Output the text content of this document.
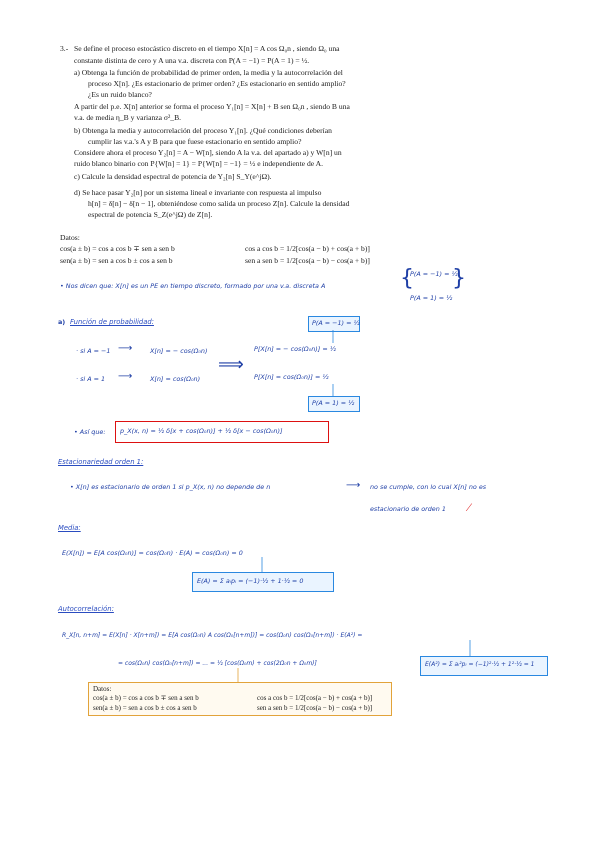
3.- Se define el proceso estocástico discreto en el tiempo X[n] = A cos Ω₀n , siendo Ω₀ una
constante distinta de cero y A una v.a. discreta con P(A = −1) = P(A = 1) = ½.
a) Obtenga la función de probabilidad de primer orden, la media y la autocorrelación del
proceso X[n]. ¿Es estacionario de primer orden? ¿Es estacionario en sentido amplio?
¿Es un ruido blanco?
A partir del p.e. X[n] anterior se forma el proceso Y₁[n] = X[n] + B sen Ω₀n , siendo B una
v.a. de media η_B y varianza σ²_B.
b) Obtenga la media y autocorrelación del proceso Y₁[n]. ¿Qué condiciones deberían
cumplir las v.a.'s A y B para que fuese estacionario en sentido amplio?
Considere ahora el proceso Y₂[n] = A − W[n], siendo A la v.a. del apartado a) y W[n] un
ruido blanco binario con P{W[n] = 1} = P{W[n] = −1} = ½ e independiente de A.
c) Calcule la densidad espectral de potencia de Y₂[n] S_Y(e^jΩ).
d) Se hace pasar Y₂[n] por un sistema lineal e invariante con respuesta al impulso
h[n] = δ[n] − δ[n − 1], obteniéndose como salida un proceso Z[n]. Calcule la densidad
espectral de potencia S_Z(e^jΩ) de Z[n].
Datos:
cos(a ± b) = cos a cos b ∓ sen a sen b	cos a cos b = 1/2[cos(a − b) + cos(a + b)]
sen(a ± b) = sen a cos b ± cos a sen b	sen a sen b = 1/2[cos(a − b) − cos(a + b)]
• Nos dicen que: X[n] es un PE en tiempo discreto, formado por una v.a. discreta A	{
P(A = −1) = ½
P(A = 1) = ½
}
a) Función de probabilidad:	P(A = −1) = ½
· si A = −1 ⟶	X[n] = − cos(Ω₀n)
· si A = 1 ⟶	X[n] = cos(Ω₀n)
⟹
P[X[n] = − cos(Ω₀n)] = ½
P[X[n] = cos(Ω₀n)] = ½
P(A = 1) = ½
• Así que: p_X(x, n) = ½ δ[x + cos(Ω₀n)] + ½ δ[x − cos(Ω₀n)]
Estacionariedad orden 1:
• X[n] es estacionario de orden 1 si p_X(x, n) no depende de n	⟶ no se cumple, con lo cual X[n] no es
estacionario de orden 1 ⁄
Media:
E(X[n]) = E[A cos(Ω₀n)] = cos(Ω₀n) · E(A) = cos(Ω₀n) = 0
E(A) = Σ aᵢpᵢ = (−1)·½ + 1·½ = 0
Autocorrelación:
R_X[n, n+m] = E(X[n] · X[n+m]) = E[A cos(Ω₀n) A cos(Ω₀[n+m])] = cos(Ω₀n) cos(Ω₀[n+m]) · E(A²) =
= cos(Ω₀n) cos(Ω₀[n+m]) = ... = ½ [cos(Ω₀m) + cos(2Ω₀n + Ω₀m)]	E(A²) = Σ aᵢ²pᵢ = (−1)²·½ + 1²·½ = 1
Datos:
cos(a ± b) = cos a cos b ∓ sen a sen b	cos a cos b = 1/2[cos(a − b) + cos(a + b)]
sen(a ± b) = sen a cos b ± cos a sen b	sen a sen b = 1/2[cos(a − b) − cos(a + b)]
